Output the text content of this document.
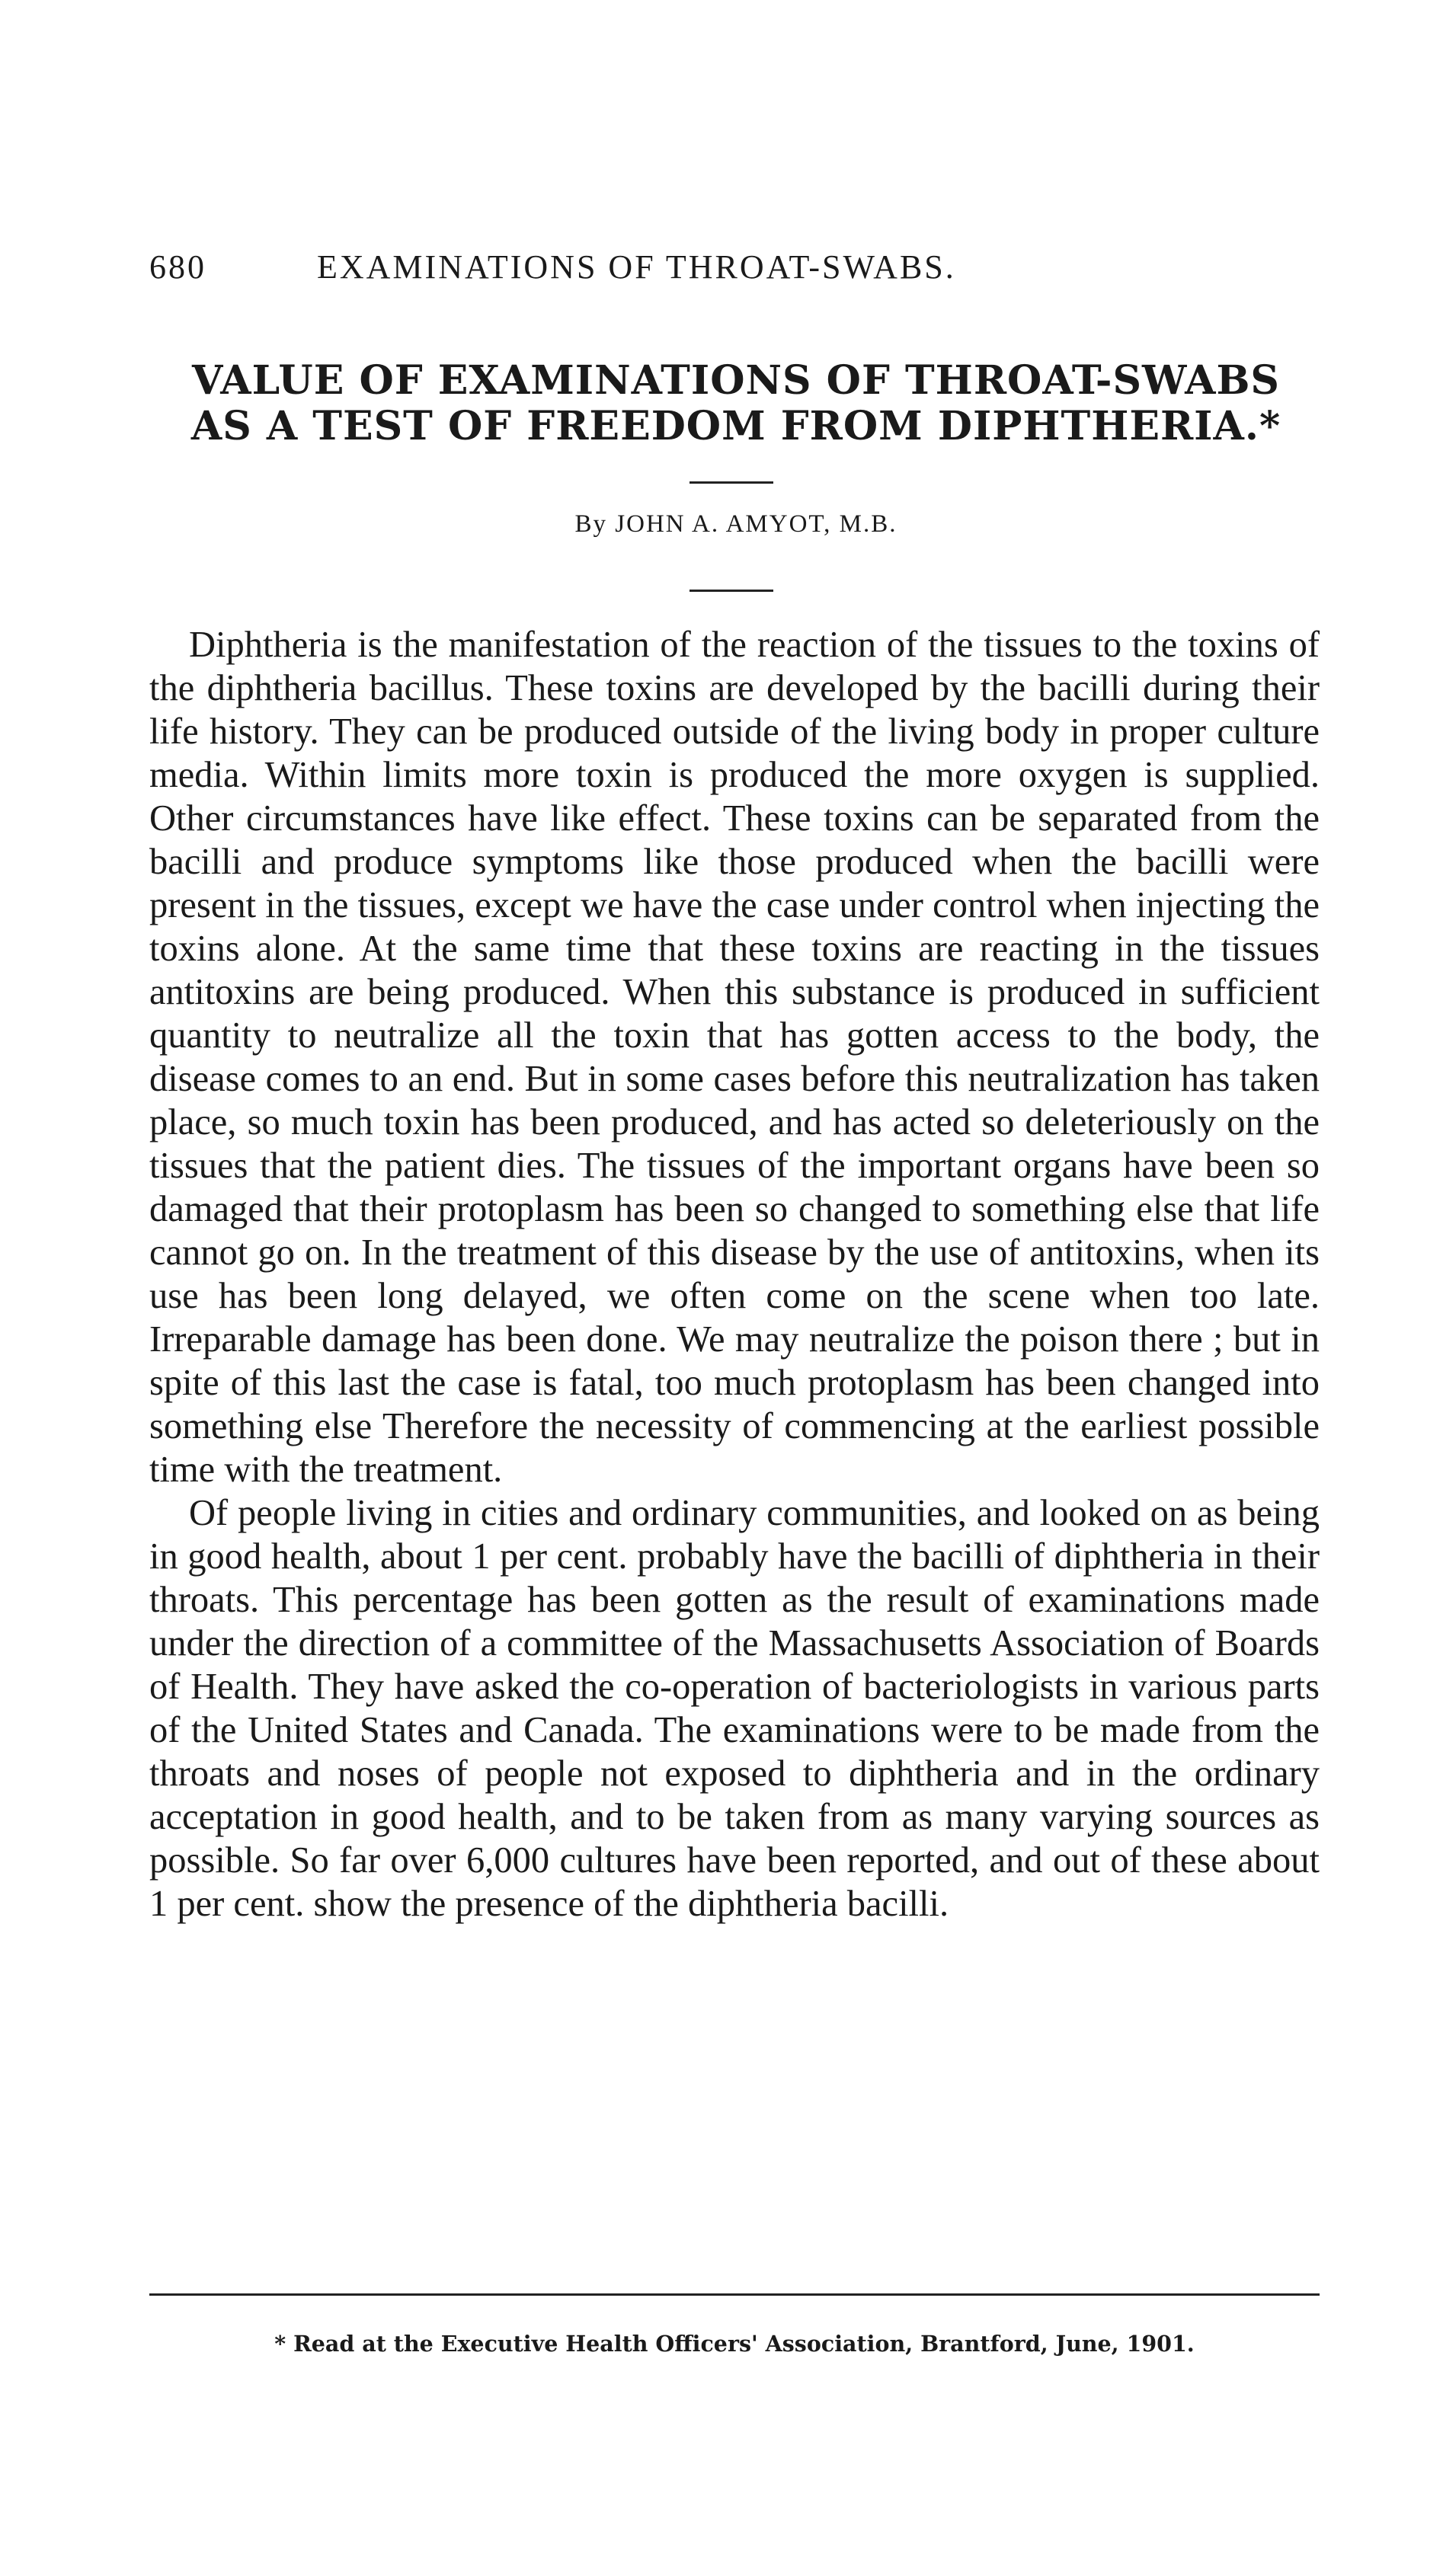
680	EXAMINATIONS OF THROAT-SWABS.
VALUE OF EXAMINATIONS OF THROAT-SWABS
AS A TEST OF FREEDOM FROM DIPHTHERIA.*
By JOHN A. AMYOT, M.B.

Diphtheria is the manifestation of the reaction of the tissues to the toxins of the diphtheria bacillus. These toxins are developed by the bacilli during their life history. They can be produced outside of the living body in proper culture media. Within limits more toxin is produced the more oxygen is supplied. Other circumstances have like effect. These toxins can be separated from the bacilli and produce symptoms like those produced when the bacilli were present in the tissues, except we have the case under control when injecting the toxins alone. At the same time that these toxins are reacting in the tissues antitoxins are being produced. When this substance is produced in sufficient quantity to neutralize all the toxin that has gotten access to the body, the disease comes to an end. But in some cases before this neutralization has taken place, so much toxin has been produced, and has acted so deleteriously on the tissues that the patient dies. The tissues of the important organs have been so damaged that their protoplasm has been so changed to something else that life cannot go on. In the treatment of this disease by the use of antitoxins, when its use has been long delayed, we often come on the scene when too late. Irreparable damage has been done. We may neutralize the poison there ; but in spite of this last the case is fatal, too much protoplasm has been changed into something else Therefore the necessity of commencing at the earliest possible time with the treatment.

Of people living in cities and ordinary communities, and looked on as being in good health, about 1 per cent. probably have the bacilli of diphtheria in their throats. This percentage has been gotten as the result of examinations made under the direction of a committee of the Massachusetts Association of Boards of Health. They have asked the co-operation of bacteriologists in various parts of the United States and Canada. The examinations were to be made from the throats and noses of people not exposed to diphtheria and in the ordinary acceptation in good health, and to be taken from as many varying sources as possible. So far over 6,000 cultures have been reported, and out of these about 1 per cent. show the presence of the diphtheria bacilli.

* Read at the Executive Health Officers' Association, Brantford, June, 1901.
